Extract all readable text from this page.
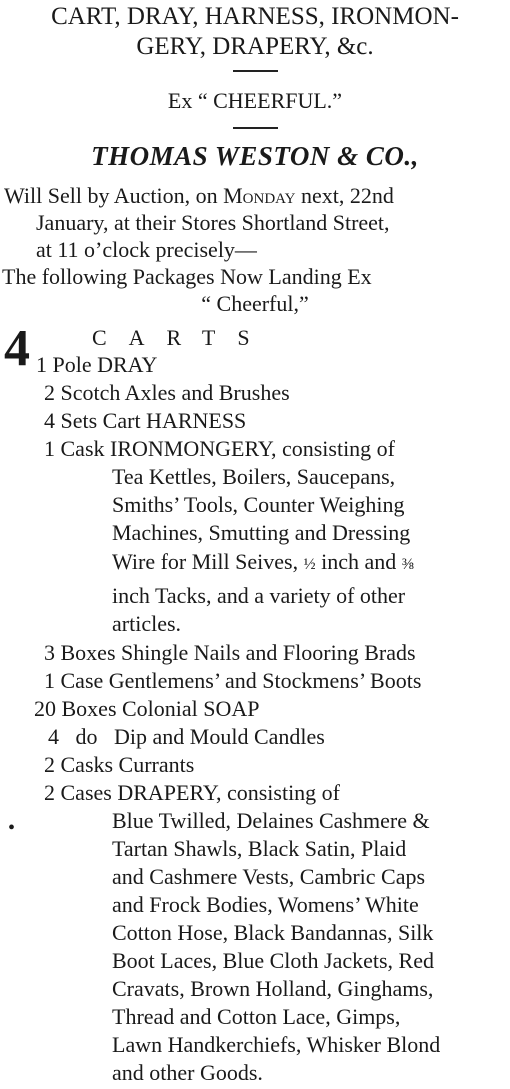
CART, DRAY, HARNESS, IRONMON-
GERY, DRAPERY, &c.
Ex “ CHEERFUL.”
THOMAS WESTON & CO.,
Will Sell by Auction, on Monday next, 22nd
January, at their Stores Shortland Street,
at 11 o’clock precisely—
The following Packages Now Landing Ex
“ Cheerful,”
4	CARTS
1 Pole DRAY
2 Scotch Axles and Brushes
4 Sets Cart HARNESS
1 Cask IRONMONGERY, consisting of
Tea Kettles, Boilers, Saucepans,
Smiths’ Tools, Counter Weighing
Machines, Smutting and Dressing
Wire for Mill Seives, ½ inch and ⅜
inch Tacks, and a variety of other
articles.
3 Boxes Shingle Nails and Flooring Brads
1 Case Gentlemens’ and Stockmens’ Boots
20 Boxes Colonial SOAP
4   do   Dip and Mould Candles
2 Casks Currants
2 Cases DRAPERY, consisting of
•	Blue Twilled, Delaines Cashmere &
Tartan Shawls, Black Satin, Plaid
and Cashmere Vests, Cambric Caps
and Frock Bodies, Womens’ White
Cotton Hose, Black Bandannas, Silk
Boot Laces, Blue Cloth Jackets, Red
Cravats, Brown Holland, Ginghams,
Thread and Cotton Lace, Gimps,
Lawn Handkerchiefs, Whisker Blond
and other Goods.
